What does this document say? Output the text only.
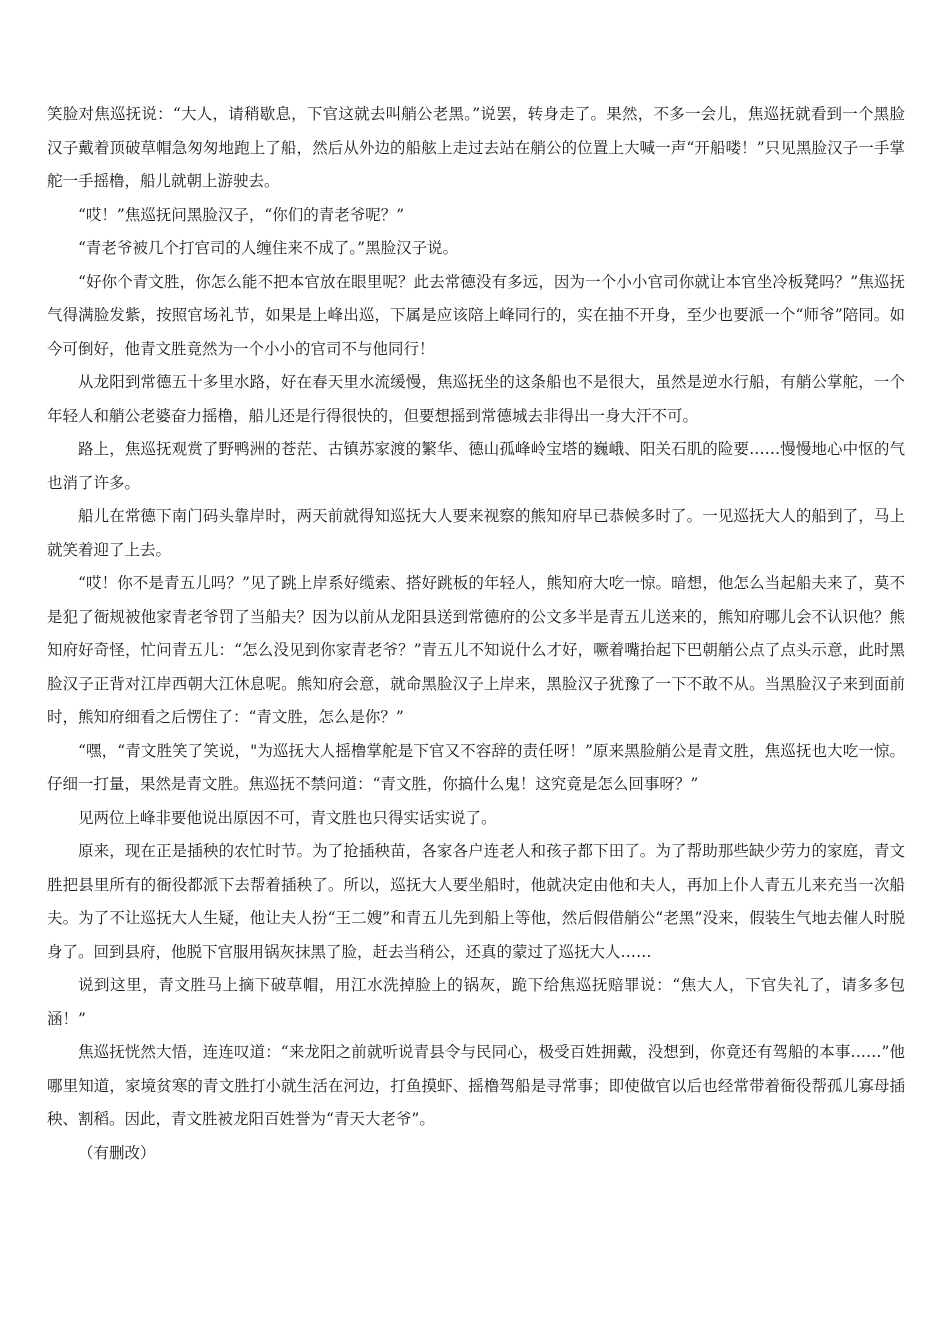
笑脸对焦巡抚说：“大人，请稍歇息，下官这就去叫艄公老黑。”说罢，转身走了。果然，不多一会儿，焦巡抚就看到一个黑脸汉子戴着顶破草帽急匆匆地跑上了船，然后从外边的船舷上走过去站在艄公的位置上大喊一声“开船喽！”只见黑脸汉子一手掌舵一手摇橹，船儿就朝上游驶去。

“哎！”焦巡抚问黑脸汉子，“你们的青老爷呢？”

“青老爷被几个打官司的人缠住来不成了。”黑脸汉子说。

“好你个青文胜，你怎么能不把本官放在眼里呢？此去常德没有多远，因为一个小小官司你就让本官坐冷板凳吗？”焦巡抚气得满脸发紫，按照官场礼节，如果是上峰出巡，下属是应该陪上峰同行的，实在抽不开身，至少也要派一个“师爷”陪同。如今可倒好，他青文胜竟然为一个小小的官司不与他同行！

从龙阳到常德五十多里水路，好在春天里水流缓慢，焦巡抚坐的这条船也不是很大，虽然是逆水行船，有艄公掌舵，一个年轻人和艄公老婆奋力摇橹，船儿还是行得很快的，但要想摇到常德城去非得出一身大汗不可。

路上，焦巡抚观赏了野鸭洲的苍茫、古镇苏家渡的繁华、德山孤峰岭宝塔的巍峨、阳关石肌的险要……慢慢地心中怄的气也消了许多。

船儿在常德下南门码头靠岸时，两天前就得知巡抚大人要来视察的熊知府早已恭候多时了。一见巡抚大人的船到了，马上就笑着迎了上去。

“哎！你不是青五儿吗？”见了跳上岸系好缆索、搭好跳板的年轻人，熊知府大吃一惊。暗想，他怎么当起船夫来了，莫不是犯了衙规被他家青老爷罚了当船夫？因为以前从龙阳县送到常德府的公文多半是青五儿送来的，熊知府哪儿会不认识他？熊知府好奇怪，忙问青五儿：“怎么没见到你家青老爷？”青五儿不知说什么才好，噘着嘴抬起下巴朝艄公点了点头示意，此时黑脸汉子正背对江岸西朝大江休息呢。熊知府会意，就命黑脸汉子上岸来，黑脸汉子犹豫了一下不敢不从。当黑脸汉子来到面前时，熊知府细看之后愣住了：“青文胜，怎么是你？”

“嘿，“青文胜笑了笑说，"为巡抚大人摇橹掌舵是下官又不容辞的责任呀！”原来黑脸艄公是青文胜，焦巡抚也大吃一惊。仔细一打量，果然是青文胜。焦巡抚不禁问道：“青文胜，你搞什么鬼！这究竟是怎么回事呀？”

见两位上峰非要他说出原因不可，青文胜也只得实话实说了。

原来，现在正是插秧的农忙时节。为了抢插秧苗，各家各户连老人和孩子都下田了。为了帮助那些缺少劳力的家庭，青文胜把县里所有的衙役都派下去帮着插秧了。所以，巡抚大人要坐船时，他就决定由他和夫人，再加上仆人青五儿来充当一次船夫。为了不让巡抚大人生疑，他让夫人扮“王二嫂”和青五儿先到船上等他，然后假借艄公“老黑”没来，假装生气地去催人时脱身了。回到县府，他脱下官服用锅灰抹黑了脸，赶去当稍公，还真的蒙过了巡抚大人……

说到这里，青文胜马上摘下破草帽，用江水洗掉脸上的锅灰，跪下给焦巡抚赔罪说：“焦大人，下官失礼了，请多多包涵！”

焦巡抚恍然大悟，连连叹道：“来龙阳之前就听说青县令与民同心，极受百姓拥戴，没想到，你竟还有驾船的本事……”他哪里知道，家境贫寒的青文胜打小就生活在河边，打鱼摸虾、摇橹驾船是寻常事；即使做官以后也经常带着衙役帮孤儿寡母插秧、割稻。因此，青文胜被龙阳百姓誉为“青天大老爷”。

（有删改）
